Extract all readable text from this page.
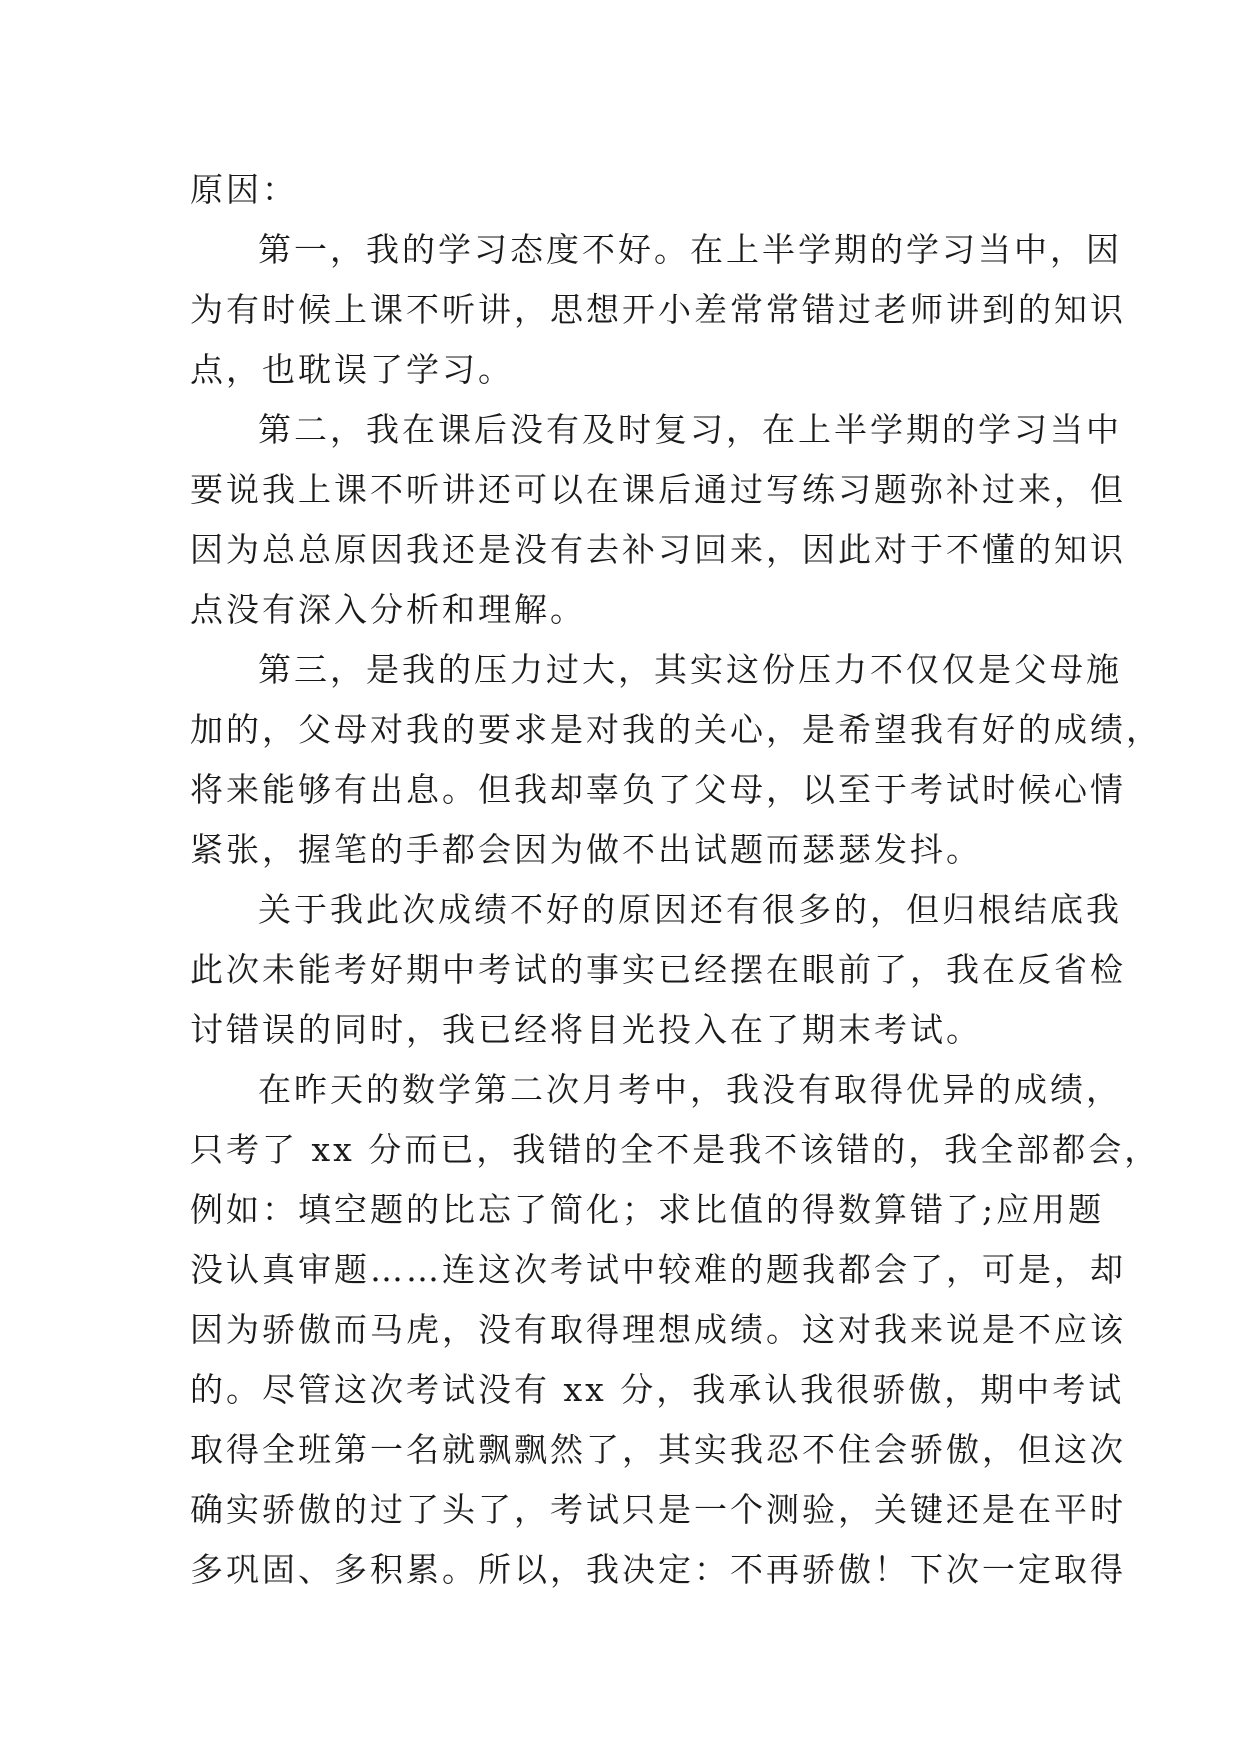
原因：
第一，我的学习态度不好。在上半学期的学习当中，因
为有时候上课不听讲，思想开小差常常错过老师讲到的知识
点，也耽误了学习。
第二，我在课后没有及时复习，在上半学期的学习当中
要说我上课不听讲还可以在课后通过写练习题弥补过来，但
因为总总原因我还是没有去补习回来，因此对于不懂的知识
点没有深入分析和理解。
第三，是我的压力过大，其实这份压力不仅仅是父母施
加的，父母对我的要求是对我的关心，是希望我有好的成绩，
将来能够有出息。但我却辜负了父母，以至于考试时候心情
紧张，握笔的手都会因为做不出试题而瑟瑟发抖。
关于我此次成绩不好的原因还有很多的，但归根结底我
此次未能考好期中考试的事实已经摆在眼前了，我在反省检
讨错误的同时，我已经将目光投入在了期末考试。
在昨天的数学第二次月考中，我没有取得优异的成绩，
只考了 xx 分而已，我错的全不是我不该错的，我全部都会，
例如：填空题的比忘了简化；求比值的得数算错了;应用题
没认真审题……连这次考试中较难的题我都会了，可是，却
因为骄傲而马虎，没有取得理想成绩。这对我来说是不应该
的。尽管这次考试没有 xx 分，我承认我很骄傲，期中考试
取得全班第一名就飘飘然了，其实我忍不住会骄傲，但这次
确实骄傲的过了头了，考试只是一个测验，关键还是在平时
多巩固、多积累。所以，我决定：不再骄傲！下次一定取得
